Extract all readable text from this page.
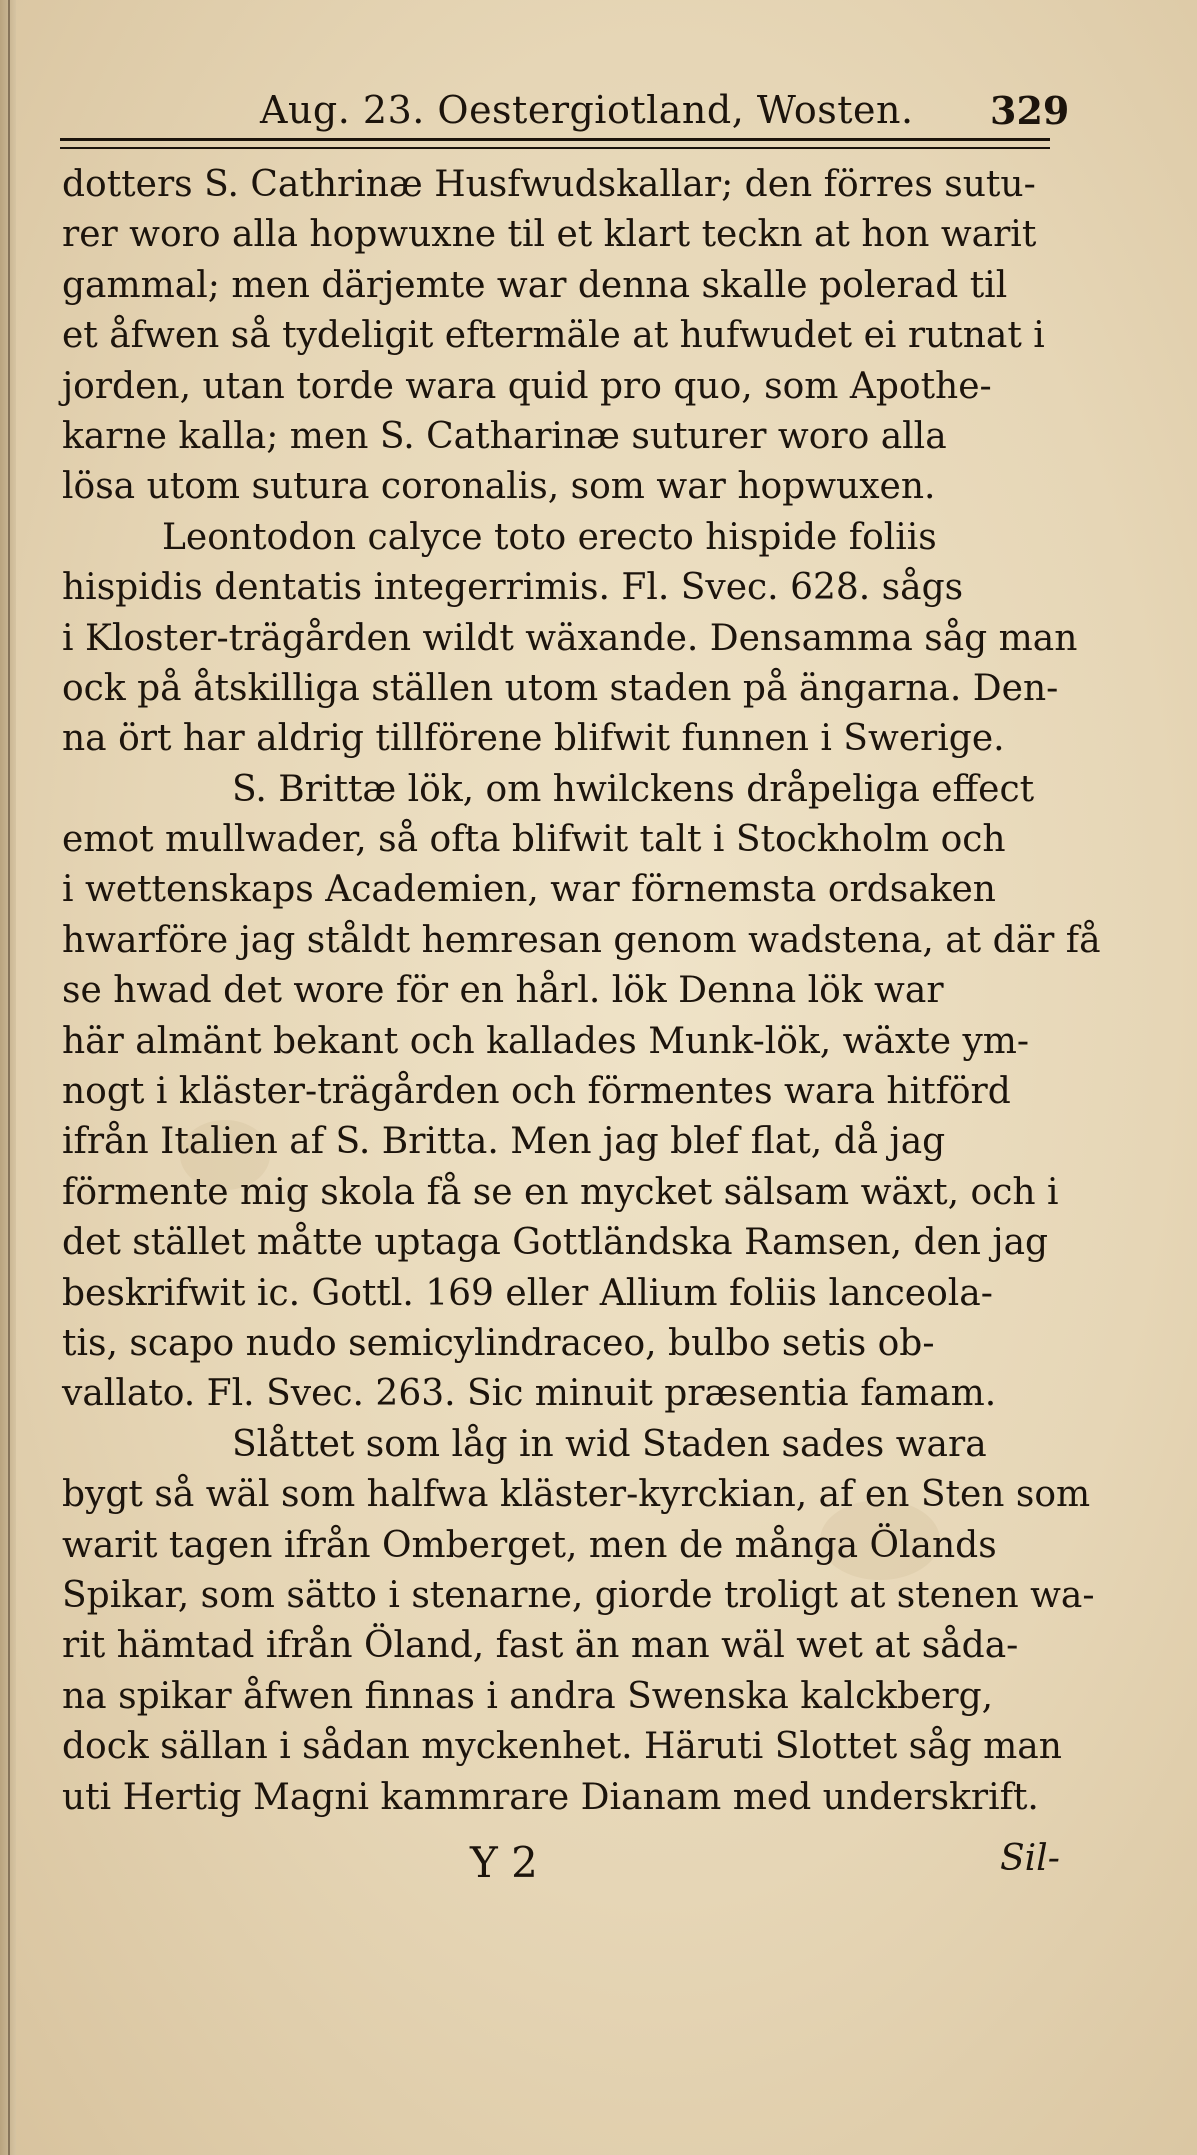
Aug. 23. Oestergiotland, Wosten.	329
dotters S. Cathrinæ Husfwudskallar; den förres sutu-
rer woro alla hopwuxne til et klart teckn at hon warit
gammal; men därjemte war denna skalle polerad til
et åfwen så tydeligit eftermäle at hufwudet ei rutnat i
jorden, utan torde wara quid pro quo, som Apothe-
karne kalla; men S. Catharinæ suturer woro alla
lösa utom sutura coronalis, som war hopwuxen.
Leontodon calyce toto erecto hispide foliis
hispidis dentatis integerrimis. Fl. Svec. 628. sågs
i Kloster-trägården wildt wäxande. Densamma såg man
ock på åtskilliga ställen utom staden på ängarna. Den-
na ört har aldrig tillförene blifwit funnen i Swerige.
S. Brittæ lök, om hwilckens dråpeliga effect
emot mullwader, så ofta blifwit talt i Stockholm och
i wettenskaps Academien, war förnemsta ordsaken
hwarföre jag ståldt hemresan genom wadstena, at där få
se hwad det wore för en hårl. lök Denna lök war
här almänt bekant och kallades Munk-lök, wäxte ym-
nogt i kläster-trägården och förmentes wara hitförd
ifrån Italien af S. Britta. Men jag blef flat, då jag
förmente mig skola få se en mycket sälsam wäxt, och i
det stället måtte uptaga Gottländska Ramsen, den jag
beskrifwit ic. Gottl. 169 eller Allium foliis lanceola-
tis, scapo nudo semicylindraceo, bulbo setis ob-
vallato. Fl. Svec. 263. Sic minuit præsentia famam.
Slåttet som låg in wid Staden sades wara
bygt så wäl som halfwa kläster-kyrckian, af en Sten som
warit tagen ifrån Omberget, men de många Ölands
Spikar, som sätto i stenarne, giorde troligt at stenen wa-
rit hämtad ifrån Öland, fast än man wäl wet at såda-
na spikar åfwen finnas i andra Swenska kalckberg,
dock sällan i sådan myckenhet. Häruti Slottet såg man
uti Hertig Magni kammrare Dianam med underskrift.
Y 2	Sil-
